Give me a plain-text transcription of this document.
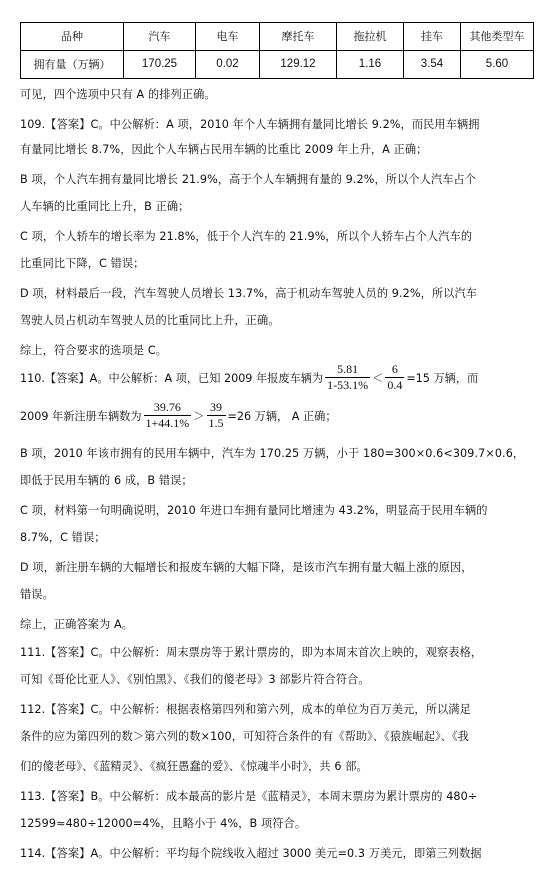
品种	汽车	电车	摩托车	拖拉机	挂车	其他类型车
拥有量（万辆）	170.25	0.02	129.12	1.16	3.54	5.60
可见，四个选项中只有 A 的排列正确。
109.【答案】C。中公解析：A 项，2010 年个人车辆拥有量同比增长 9.2%，而民用车辆拥
有量同比增长 8.7%，因此个人车辆占民用车辆的比重比 2009 年上升，A 正确；
B 项，个人汽车拥有量同比增长 21.9%，高于个人车辆拥有量的 9.2%，所以个人汽车占个
人车辆的比重同比上升，B 正确；
C 项，个人轿车的增长率为 21.8%，低于个人汽车的 21.9%，所以个人轿车占个人汽车的
比重同比下降，C 错误；
D 项，材料最后一段，汽车驾驶人员增长 13.7%，高于机动车驾驶人员的 9.2%，所以汽车
驾驶人员占机动车驾驶人员的比重同比上升，正确。
综上，符合要求的选项是 C。
110.【答案】A。中公解析：A 项，已知 2009 年报废车辆为 $\frac{5.81}{1-53.1\%} < \frac{6}{0.4} =15$ 万辆，而
2009 年新注册车辆数为 $\frac{39.76}{1+44.1\%} > \frac{39}{1.5} =26$ 万辆， A 正确；
B 项，2010 年该市拥有的民用车辆中，汽车为 170.25 万辆，小于 180=300×0.6<309.7×0.6，
即低于民用车辆的 6 成，B 错误；
C 项，材料第一句明确说明，2010 年进口车拥有量同比增速为 43.2%，明显高于民用车辆的
8.7%，C 错误；
D 项，新注册车辆的大幅增长和报废车辆的大幅下降，是该市汽车拥有量大幅上涨的原因，
错误。
综上，正确答案为 A。
111.【答案】C。中公解析：周末票房等于累计票房的，即为本周末首次上映的，观察表格，
可知《哥伦比亚人》、《别怕黑》、《我们的傻老母》3 部影片符合符合。
112.【答案】C。中公解析：根据表格第四列和第六列，成本的单位为百万美元，所以满足
条件的应为第四列的数＞第六列的数×100，可知符合条件的有《帮助》、《猿族崛起》、《我
们的傻老母》、《蓝精灵》、《疯狂愚蠢的爱》、《惊魂半小时》，共 6 部。
113.【答案】B。中公解析：成本最高的影片是《蓝精灵》，本周末票房为累计票房的 480÷
12599≈480÷12000=4%，且略小于 4%，B 项符合。
114.【答案】A。中公解析：平均每个院线收入超过 3000 美元=0.3 万美元，即第三列数据
